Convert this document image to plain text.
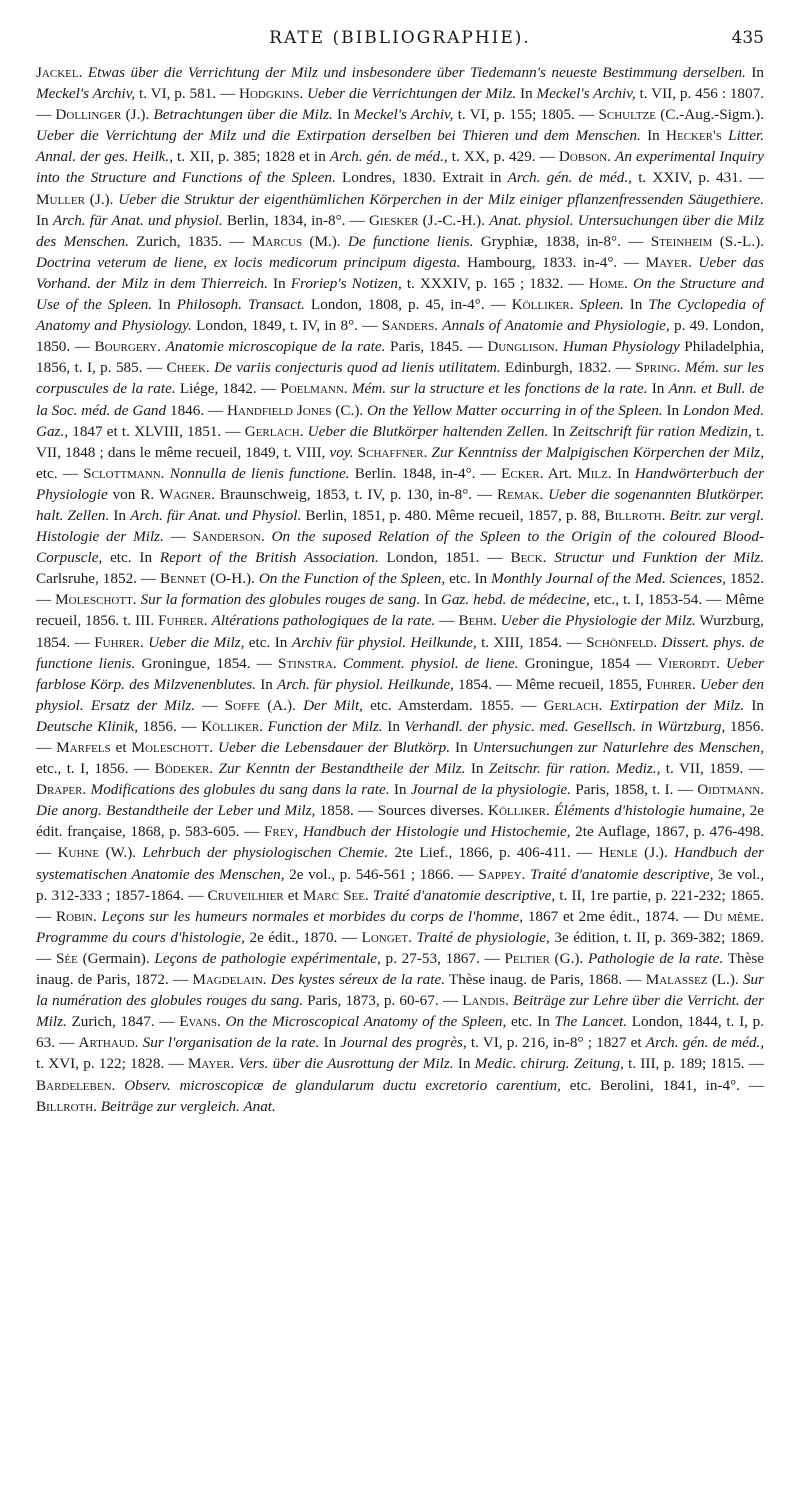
RATE (BIBLIOGRAPHIE).	435

Jackel. Etwas über die Verrichtung der Milz und insbesondere über Tiedemann's neueste Bestimmung derselben. In Meckel's Archiv, t. VI, p. 581. — Hodgkins. Ueber die Verrichtungen der Milz. In Meckel's Archiv, t. VII, p. 456 : 1807. — Dollinger (J.). Betrachtungen über die Milz. In Meckel's Archiv, t. VI, p. 155; 1805. — Schultze (C.-Aug.-Sigm.). Ueber die Verrichtung der Milz und die Extirpation derselben bei Thieren und dem Menschen. In Hecker's Litter. Annal. der ges. Heilk., t. XII, p. 385; 1828 et in Arch. gén. de méd., t. XX, p. 429. — Dobson. An experimental Inquiry into the Structure and Functions of the Spleen. Londres, 1830. Extrait in Arch. gén. de méd., t. XXIV, p. 431. — Muller (J.). Ueber die Struktur der eigenthümlichen Körperchen in der Milz einiger pflanzenfressenden Säugethiere. In Arch. für Anat. und physiol. Berlin, 1834, in-8°. — Giesker (J.-C.-H.). Anat. physiol. Untersuchungen über die Milz des Menschen. Zurich, 1835. — Marcus (M.). De functione lienis. Gryphiæ, 1838, in-8°. — Steinheim (S.-L.). Doctrina veterum de liene, ex locis medicorum principum digesta. Hambourg, 1833. in-4°. — Mayer. Ueber das Vorhand. der Milz in dem Thierreich. In Froriep's Notizen, t. XXXIV, p. 165 ; 1832. — Home. On the Structure and Use of the Spleen. In Philosoph. Transact. London, 1808, p. 45, in-4°. — Kölliker. Spleen. In The Cyclopedia of Anatomy and Physiology. London, 1849, t. IV, in 8°. — Sanders. Annals of Anatomie and Physiologie, p. 49. London, 1850. — Bourgery. Anatomie microscopique de la rate. Paris, 1845. — Dunglison. Human Physiology Philadelphia, 1856, t. I, p. 585. — Cheek. De variis conjecturis quod ad lienis utilitatem. Edinburgh, 1832. — Spring. Mém. sur les corpuscules de la rate. Liége, 1842. — Poelmann. Mém. sur la structure et les fonctions de la rate. In Ann. et Bull. de la Soc. méd. de Gand 1846. — Handfield Jones (C.). On the Yellow Matter occurring in of the Spleen. In London Med. Gaz., 1847 et t. XLVIII, 1851. — Gerlach. Ueber die Blutkörper haltenden Zellen. In Zeitschrift für ration Medizin, t. VII, 1848 ; dans le même recueil, 1849, t. VIII, voy. Schaffner. Zur Kenntniss der Malpigischen Körperchen der Milz, etc. — Sclottmann. Nonnulla de lienis functione. Berlin. 1848, in-4°. — Ecker. Art. Milz. In Handwörterbuch der Physiologie von R. Wagner. Braunschweig, 1853, t. IV, p. 130, in-8°. — Remak. Ueber die sogenannten Blutkörper. halt. Zellen. In Arch. für Anat. und Physiol. Berlin, 1851, p. 480. Même recueil, 1857, p. 88, Billroth. Beitr. zur vergl. Histologie der Milz. — Sanderson. On the suposed Relation of the Spleen to the Origin of the coloured Blood-Corpuscle, etc. In Report of the British Association. London, 1851. — Beck. Structur und Funktion der Milz. Carlsruhe, 1852. — Bennet (O-H.). On the Function of the Spleen, etc. In Monthly Journal of the Med. Sciences, 1852. — Moleschott. Sur la formation des globules rouges de sang. In Gaz. hebd. de médecine, etc., t. I, 1853-54. — Même recueil, 1856. t. III. Fuhrer. Altérations pathologiques de la rate. — Behm. Ueber die Physiologie der Milz. Wurzburg, 1854. — Fuhrer. Ueber die Milz, etc. In Archiv für physiol. Heilkunde, t. XIII, 1854. — Schönfeld. Dissert. phys. de functione lienis. Groningue, 1854. — Stinstra. Comment. physiol. de liene. Groningue, 1854 — Vierordt. Ueber farblose Körp. des Milzvenenblutes. In Arch. für physiol. Heilkunde, 1854. — Même recueil, 1855, Fuhrer. Ueber den physiol. Ersatz der Milz. — Soffe (A.). Der Milt, etc. Amsterdam. 1855. — Gerlach. Extirpation der Milz. In Deutsche Klinik, 1856. — Kölliker. Function der Milz. In Verhandl. der physic. med. Gesellsch. in Würtzburg, 1856. — Marfels et Moleschott. Ueber die Lebensdauer der Blutkörp. In Untersuchungen zur Naturlehre des Menschen, etc., t. I, 1856. — Bödeker. Zur Kenntn der Bestandtheile der Milz. In Zeitschr. für ration. Mediz., t. VII, 1859. — Draper. Modifications des globules du sang dans la rate. In Journal de la physiologie. Paris, 1858, t. I. — Oidtmann. Die anorg. Bestandtheile der Leber und Milz, 1858. — Sources diverses. Kölliker. Éléments d'histologie humaine, 2e édit. française, 1868, p. 583-605. — Frey, Handbuch der Histologie und Histochemie, 2te Auflage, 1867, p. 476-498. — Kuhne (W.). Lehrbuch der physiologischen Chemie. 2te Lief., 1866, p. 406-411. — Henle (J.). Handbuch der systematischen Anatomie des Menschen, 2e vol., p. 546-561 ; 1866. — Sappey. Traité d'anatomie descriptive, 3e vol., p. 312-333 ; 1857-1864. — Cruveilhier et Marc See. Traité d'anatomie descriptive, t. II, 1re partie, p. 221-232; 1865. — Robin. Leçons sur les humeurs normales et morbides du corps de l'homme, 1867 et 2me édit., 1874. — Du même. Programme du cours d'histologie, 2e édit., 1870. — Longet. Traité de physiologie, 3e édition, t. II, p. 369-382; 1869. — Sée (Germain). Leçons de pathologie expérimentale, p. 27-53, 1867. — Peltier (G.). Pathologie de la rate. Thèse inaug. de Paris, 1872. — Magdelain. Des kystes séreux de la rate. Thèse inaug. de Paris, 1868. — Malassez (L.). Sur la numération des globules rouges du sang. Paris, 1873, p. 60-67. — Landis. Beiträge zur Lehre über die Verricht. der Milz. Zurich, 1847. — Evans. On the Microscopical Anatomy of the Spleen, etc. In The Lancet. London, 1844, t. I, p. 63. — Arthaud. Sur l'organisation de la rate. In Journal des progrès, t. VI, p. 216, in-8° ; 1827 et Arch. gén. de méd., t. XVI, p. 122; 1828. — Mayer. Vers. über die Ausrottung der Milz. In Medic. chirurg. Zeitung, t. III, p. 189; 1815. — Bardeleben. Observ. microscopicæ de glandularum ductu excretorio carentium, etc. Berolini, 1841, in-4°. — Billroth. Beiträge zur vergleich. Anat.
